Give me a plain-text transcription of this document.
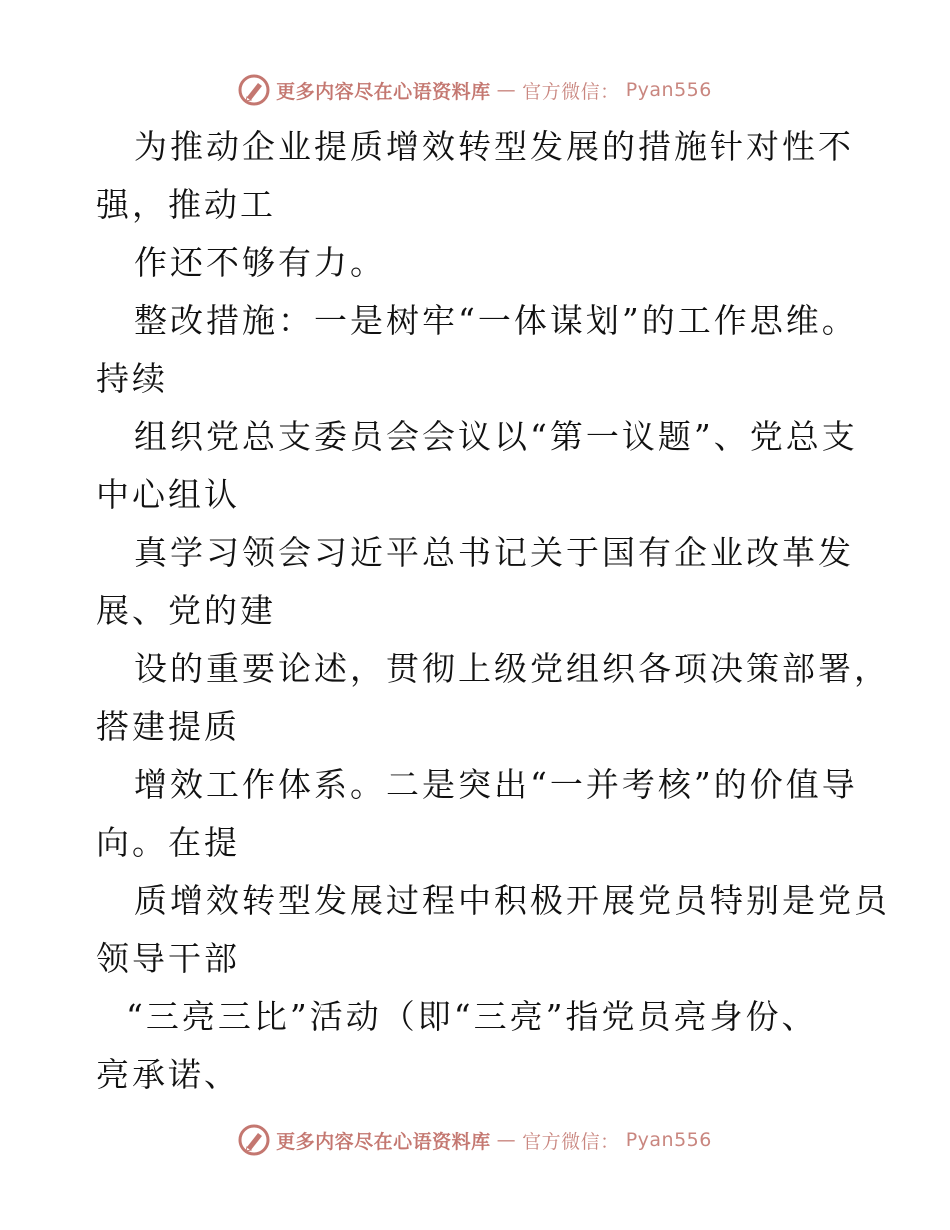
更多内容尽在心语资料库 — 官方微信： Pyan556
为推动企业提质增效转型发展的措施针对性不
强，推动工
作还不够有力。
整改措施：一是树牢“一体谋划”的工作思维。
持续
组织党总支委员会会议以“第一议题”、党总支
中心组认
真学习领会习近平总书记关于国有企业改革发
展、党的建
设的重要论述，贯彻上级党组织各项决策部署，
搭建提质
增效工作体系。二是突出“一并考核”的价值导
向。在提
质增效转型发展过程中积极开展党员特别是党员
领导干部
“三亮三比”活动（即“三亮”指党员亮身份、
亮承诺、
更多内容尽在心语资料库 — 官方微信： Pyan556
